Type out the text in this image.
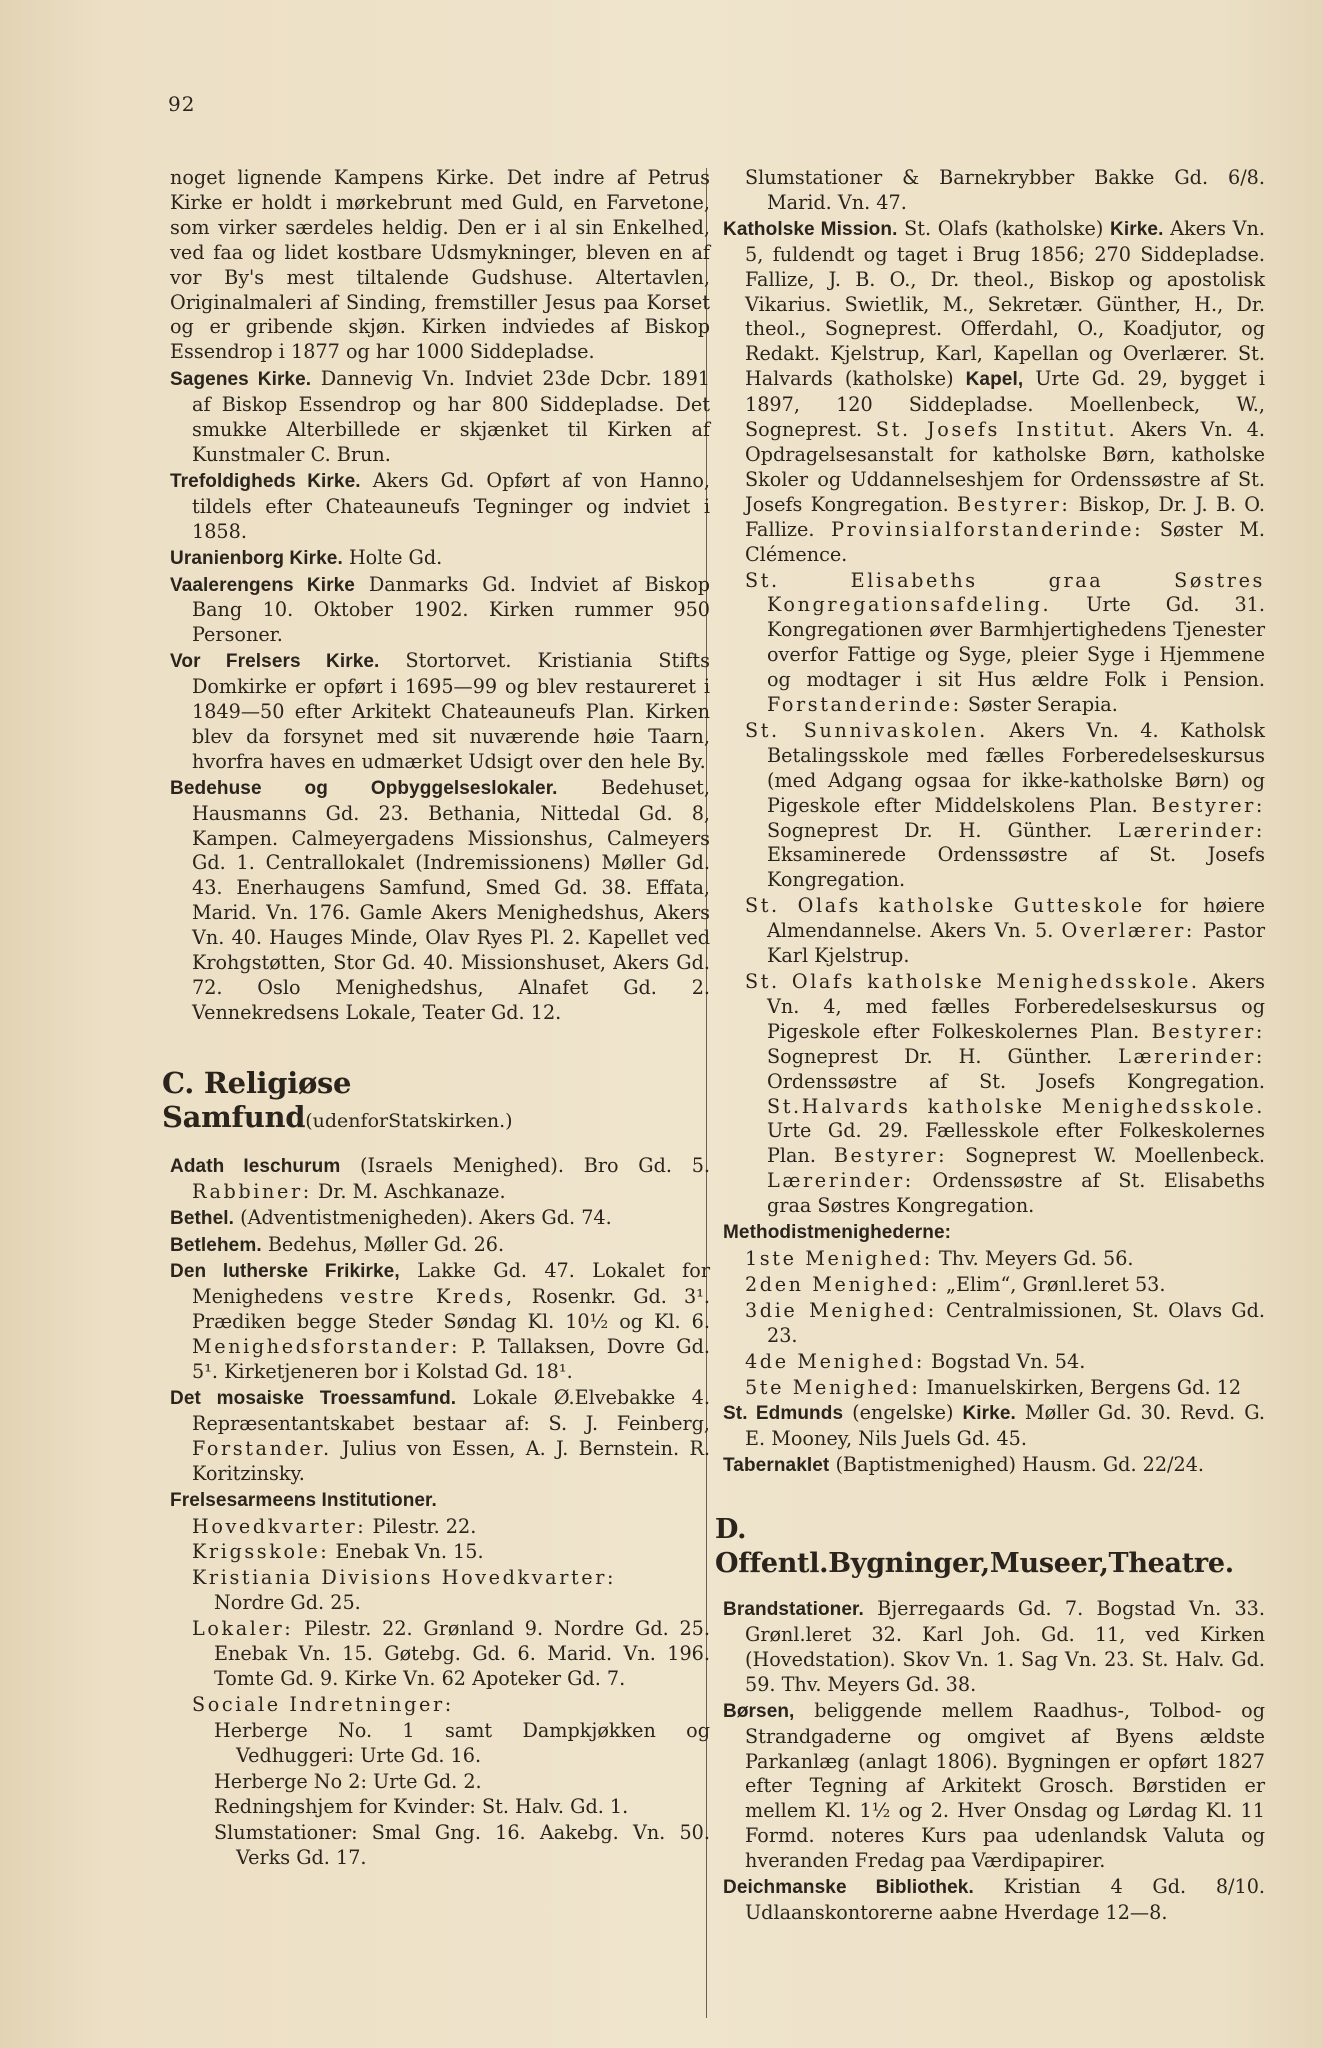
92

noget lignende Kampens Kirke. Det indre af Petrus Kirke er holdt i mørkebrunt med Guld, en Farvetone, som virker særdeles heldig. Den er i al sin Enkelhed, ved faa og lidet kostbare Udsmykninger, bleven en af vor By's mest tiltalende Gudshuse. Altertavlen, Originalmaleri af Sinding, fremstiller Jesus paa Korset og er gribende skjøn. Kirken indviedes af Biskop Essendrop i 1877 og har 1000 Siddepladse.

Sagenes Kirke. Dannevig Vn. Indviet 23de Dcbr. 1891 af Biskop Essendrop og har 800 Siddepladse. Det smukke Alterbillede er skjænket til Kirken af Kunstmaler C. Brun.

Trefoldigheds Kirke. Akers Gd. Opført af von Hanno, tildels efter Chateauneufs Tegninger og indviet i 1858.

Uranienborg Kirke. Holte Gd.

Vaalerengens Kirke Danmarks Gd. Indviet af Biskop Bang 10. Oktober 1902. Kirken rummer 950 Personer.

Vor Frelsers Kirke. Stortorvet. Kristiania Stifts Domkirke er opført i 1695—99 og blev restaureret i 1849—50 efter Arkitekt Chateauneufs Plan. Kirken blev da forsynet med sit nuværende høie Taarn, hvorfra haves en udmærket Udsigt over den hele By.

Bedehuse og Opbyggelseslokaler. Bedehuset, Hausmanns Gd. 23. Bethania, Nittedal Gd. 8, Kampen. Calmeyergadens Missionshus, Calmeyers Gd. 1. Centrallokalet (Indremissionens) Møller Gd. 43. Enerhaugens Samfund, Smed Gd. 38. Effata, Marid. Vn. 176. Gamle Akers Menighedshus, Akers Vn. 40. Hauges Minde, Olav Ryes Pl. 2. Kapellet ved Krohgstøtten, Stor Gd. 40. Missionshuset, Akers Gd. 72. Oslo Menighedshus, Alnafet Gd. 2. Vennekredsens Lokale, Teater Gd. 12.

C. Religiøse Samfund(udenforStatskirken.)

Adath Ieschurum (Israels Menighed). Bro Gd. 5. Rabbiner: Dr. M. Aschkanaze.

Bethel. (Adventistmenigheden). Akers Gd. 74.

Betlehem. Bedehus, Møller Gd. 26.

Den lutherske Frikirke, Lakke Gd. 47. Lokalet for Menighedens vestre Kreds, Rosenkr. Gd. 3¹. Prædiken begge Steder Søndag Kl. 10½ og Kl. 6. Menighedsforstander: P. Tallaksen, Dovre Gd. 5¹. Kirketjeneren bor i Kolstad Gd. 18¹.

Det mosaiske Troessamfund. Lokale Ø.Elvebakke 4. Repræsentantskabet bestaar af: S. J. Feinberg, Forstander. Julius von Essen, A. J. Bernstein. R. Koritzinsky.

Frelsesarmeens Institutioner.

Hovedkvarter: Pilestr. 22.

Krigsskole: Enebak Vn. 15.

Kristiania Divisions Hovedkvarter:
Nordre Gd. 25.

Lokaler: Pilestr. 22. Grønland 9. Nordre Gd. 25. Enebak Vn. 15. Gøtebg. Gd. 6. Marid. Vn. 196. Tomte Gd. 9. Kirke Vn. 62 Apoteker Gd. 7.

Sociale Indretninger:

Herberge No. 1 samt Dampkjøkken og Vedhuggeri: Urte Gd. 16.

Herberge No 2: Urte Gd. 2.

Redningshjem for Kvinder: St. Halv. Gd. 1.

Slumstationer: Smal Gng. 16. Aakebg. Vn. 50. Verks Gd. 17.

Slumstationer & Barnekrybber Bakke Gd. 6/8. Marid. Vn. 47.

Katholske Mission. St. Olafs (katholske) Kirke. Akers Vn. 5, fuldendt og taget i Brug 1856; 270 Siddepladse. Fallize, J. B. O., Dr. theol., Biskop og apostolisk Vikarius. Swietlik, M., Sekretær. Günther, H., Dr. theol., Sogneprest. Offerdahl, O., Koadjutor, og Redakt. Kjelstrup, Karl, Kapellan og Overlærer. St. Halvards (katholske) Kapel, Urte Gd. 29, bygget i 1897, 120 Siddepladse. Moellenbeck, W., Sogneprest. St. Josefs Institut. Akers Vn. 4. Opdragelsesanstalt for katholske Børn, katholske Skoler og Uddannelseshjem for Ordenssøstre af St. Josefs Kongregation. Bestyrer: Biskop, Dr. J. B. O. Fallize. Provinsialforstanderinde: Søster M. Clémence.

St. Elisabeths graa Søstres Kongregationsafdeling. Urte Gd. 31. Kongregationen øver Barmhjertighedens Tjenester overfor Fattige og Syge, pleier Syge i Hjemmene og modtager i sit Hus ældre Folk i Pension. Forstanderinde: Søster Serapia.

St. Sunnivaskolen. Akers Vn. 4. Katholsk Betalingsskole med fælles Forberedelseskursus (med Adgang ogsaa for ikke-katholske Børn) og Pigeskole efter Middelskolens Plan. Bestyrer: Sogneprest Dr. H. Günther. Lærerinder: Eksaminerede Ordenssøstre af St. Josefs Kongregation.

St. Olafs katholske Gutteskole for høiere Almendannelse. Akers Vn. 5. Overlærer: Pastor Karl Kjelstrup.

St. Olafs katholske Menighedsskole. Akers Vn. 4, med fælles Forberedelseskursus og Pigeskole efter Folkeskolernes Plan. Bestyrer: Sogneprest Dr. H. Günther. Lærerinder: Ordenssøstre af St. Josefs Kongregation. St.Halvards katholske Menighedsskole. Urte Gd. 29. Fællesskole efter Folkeskolernes Plan. Bestyrer: Sogneprest W. Moellenbeck. Lærerinder: Ordenssøstre af St. Elisabeths graa Søstres Kongregation.

Methodistmenighederne:

1ste Menighed: Thv. Meyers Gd. 56.

2den Menighed: „Elim“, Grønl.leret 53.

3die Menighed: Centralmissionen, St. Olavs Gd. 23.

4de Menighed: Bogstad Vn. 54.

5te Menighed: Imanuelskirken, Bergens Gd. 12

St. Edmunds (engelske) Kirke. Møller Gd. 30. Revd. G. E. Mooney, Nils Juels Gd. 45.

Tabernaklet (Baptistmenighed) Hausm. Gd. 22/24.

D. Offentl.Bygninger,Museer,Theatre.

Brandstationer. Bjerregaards Gd. 7. Bogstad Vn. 33. Grønl.leret 32. Karl Joh. Gd. 11, ved Kirken (Hovedstation). Skov Vn. 1. Sag Vn. 23. St. Halv. Gd. 59. Thv. Meyers Gd. 38.

Børsen, beliggende mellem Raadhus-, Tolbod- og Strandgaderne og omgivet af Byens ældste Parkanlæg (anlagt 1806). Bygningen er opført 1827 efter Tegning af Arkitekt Grosch. Børstiden er mellem Kl. 1½ og 2. Hver Onsdag og Lørdag Kl. 11 Formd. noteres Kurs paa udenlandsk Valuta og hveranden Fredag paa Værdipapirer.

Deichmanske Bibliothek. Kristian 4 Gd. 8/10. Udlaanskontorerne aabne Hverdage 12—8.
